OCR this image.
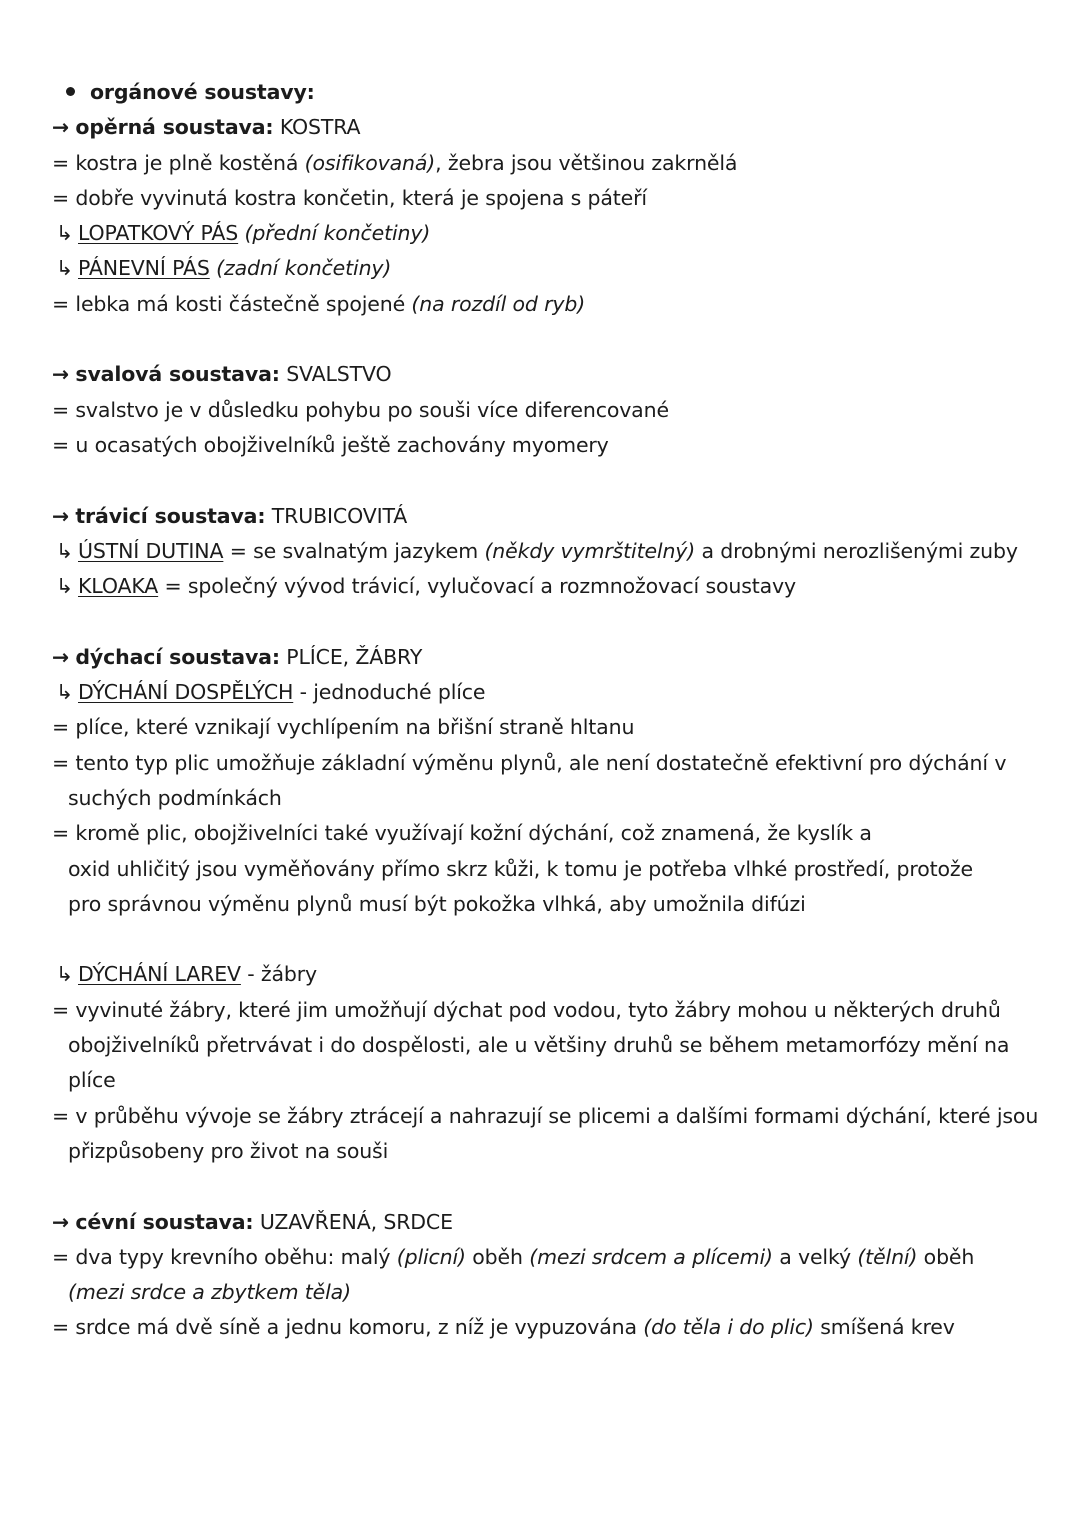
orgánové soustavy:
→ opěrná soustava: KOSTRA
= kostra je plně kostěná (osifikovaná), žebra jsou většinou zakrnělá
= dobře vyvinutá kostra končetin, která je spojena s páteří
↳ LOPATKOVÝ PÁS (přední končetiny)
↳ PÁNEVNÍ PÁS (zadní končetiny)
= lebka má kosti částečně spojené (na rozdíl od ryb)
→ svalová soustava: SVALSTVO
= svalstvo je v důsledku pohybu po souši více diferencované
= u ocasatých obojživelníků ještě zachovány myomery
→ trávicí soustava: TRUBICOVITÁ
↳ ÚSTNÍ DUTINA = se svalnatým jazykem (někdy vymrštitelný) a drobnými nerozlišenými zuby
↳ KLOAKA = společný vývod trávicí, vylučovací a rozmnožovací soustavy
→ dýchací soustava: PLÍCE, ŽÁBRY
↳ DÝCHÁNÍ DOSPĚLÝCH - jednoduché plíce
= plíce, které vznikají vychlípením na břišní straně hltanu
= tento typ plic umožňuje základní výměnu plynů, ale není dostatečně efektivní pro dýchání v
suchých podmínkách
= kromě plic, obojživelníci také využívají kožní dýchání, což znamená, že kyslík a
oxid uhličitý jsou vyměňovány přímo skrz kůži, k tomu je potřeba vlhké prostředí, protože
pro správnou výměnu plynů musí být pokožka vlhká, aby umožnila difúzi
↳ DÝCHÁNÍ LAREV - žábry
= vyvinuté žábry, které jim umožňují dýchat pod vodou, tyto žábry mohou u některých druhů
obojživelníků přetrvávat i do dospělosti, ale u většiny druhů se během metamorfózy mění na
plíce
= v průběhu vývoje se žábry ztrácejí a nahrazují se plicemi a dalšími formami dýchání, které jsou
přizpůsobeny pro život na souši
→ cévní soustava: UZAVŘENÁ, SRDCE
= dva typy krevního oběhu: malý (plicní) oběh (mezi srdcem a plícemi) a velký (tělní) oběh
(mezi srdce a zbytkem těla)
= srdce má dvě síně a jednu komoru, z níž je vypuzována (do těla i do plic) smíšená krev
